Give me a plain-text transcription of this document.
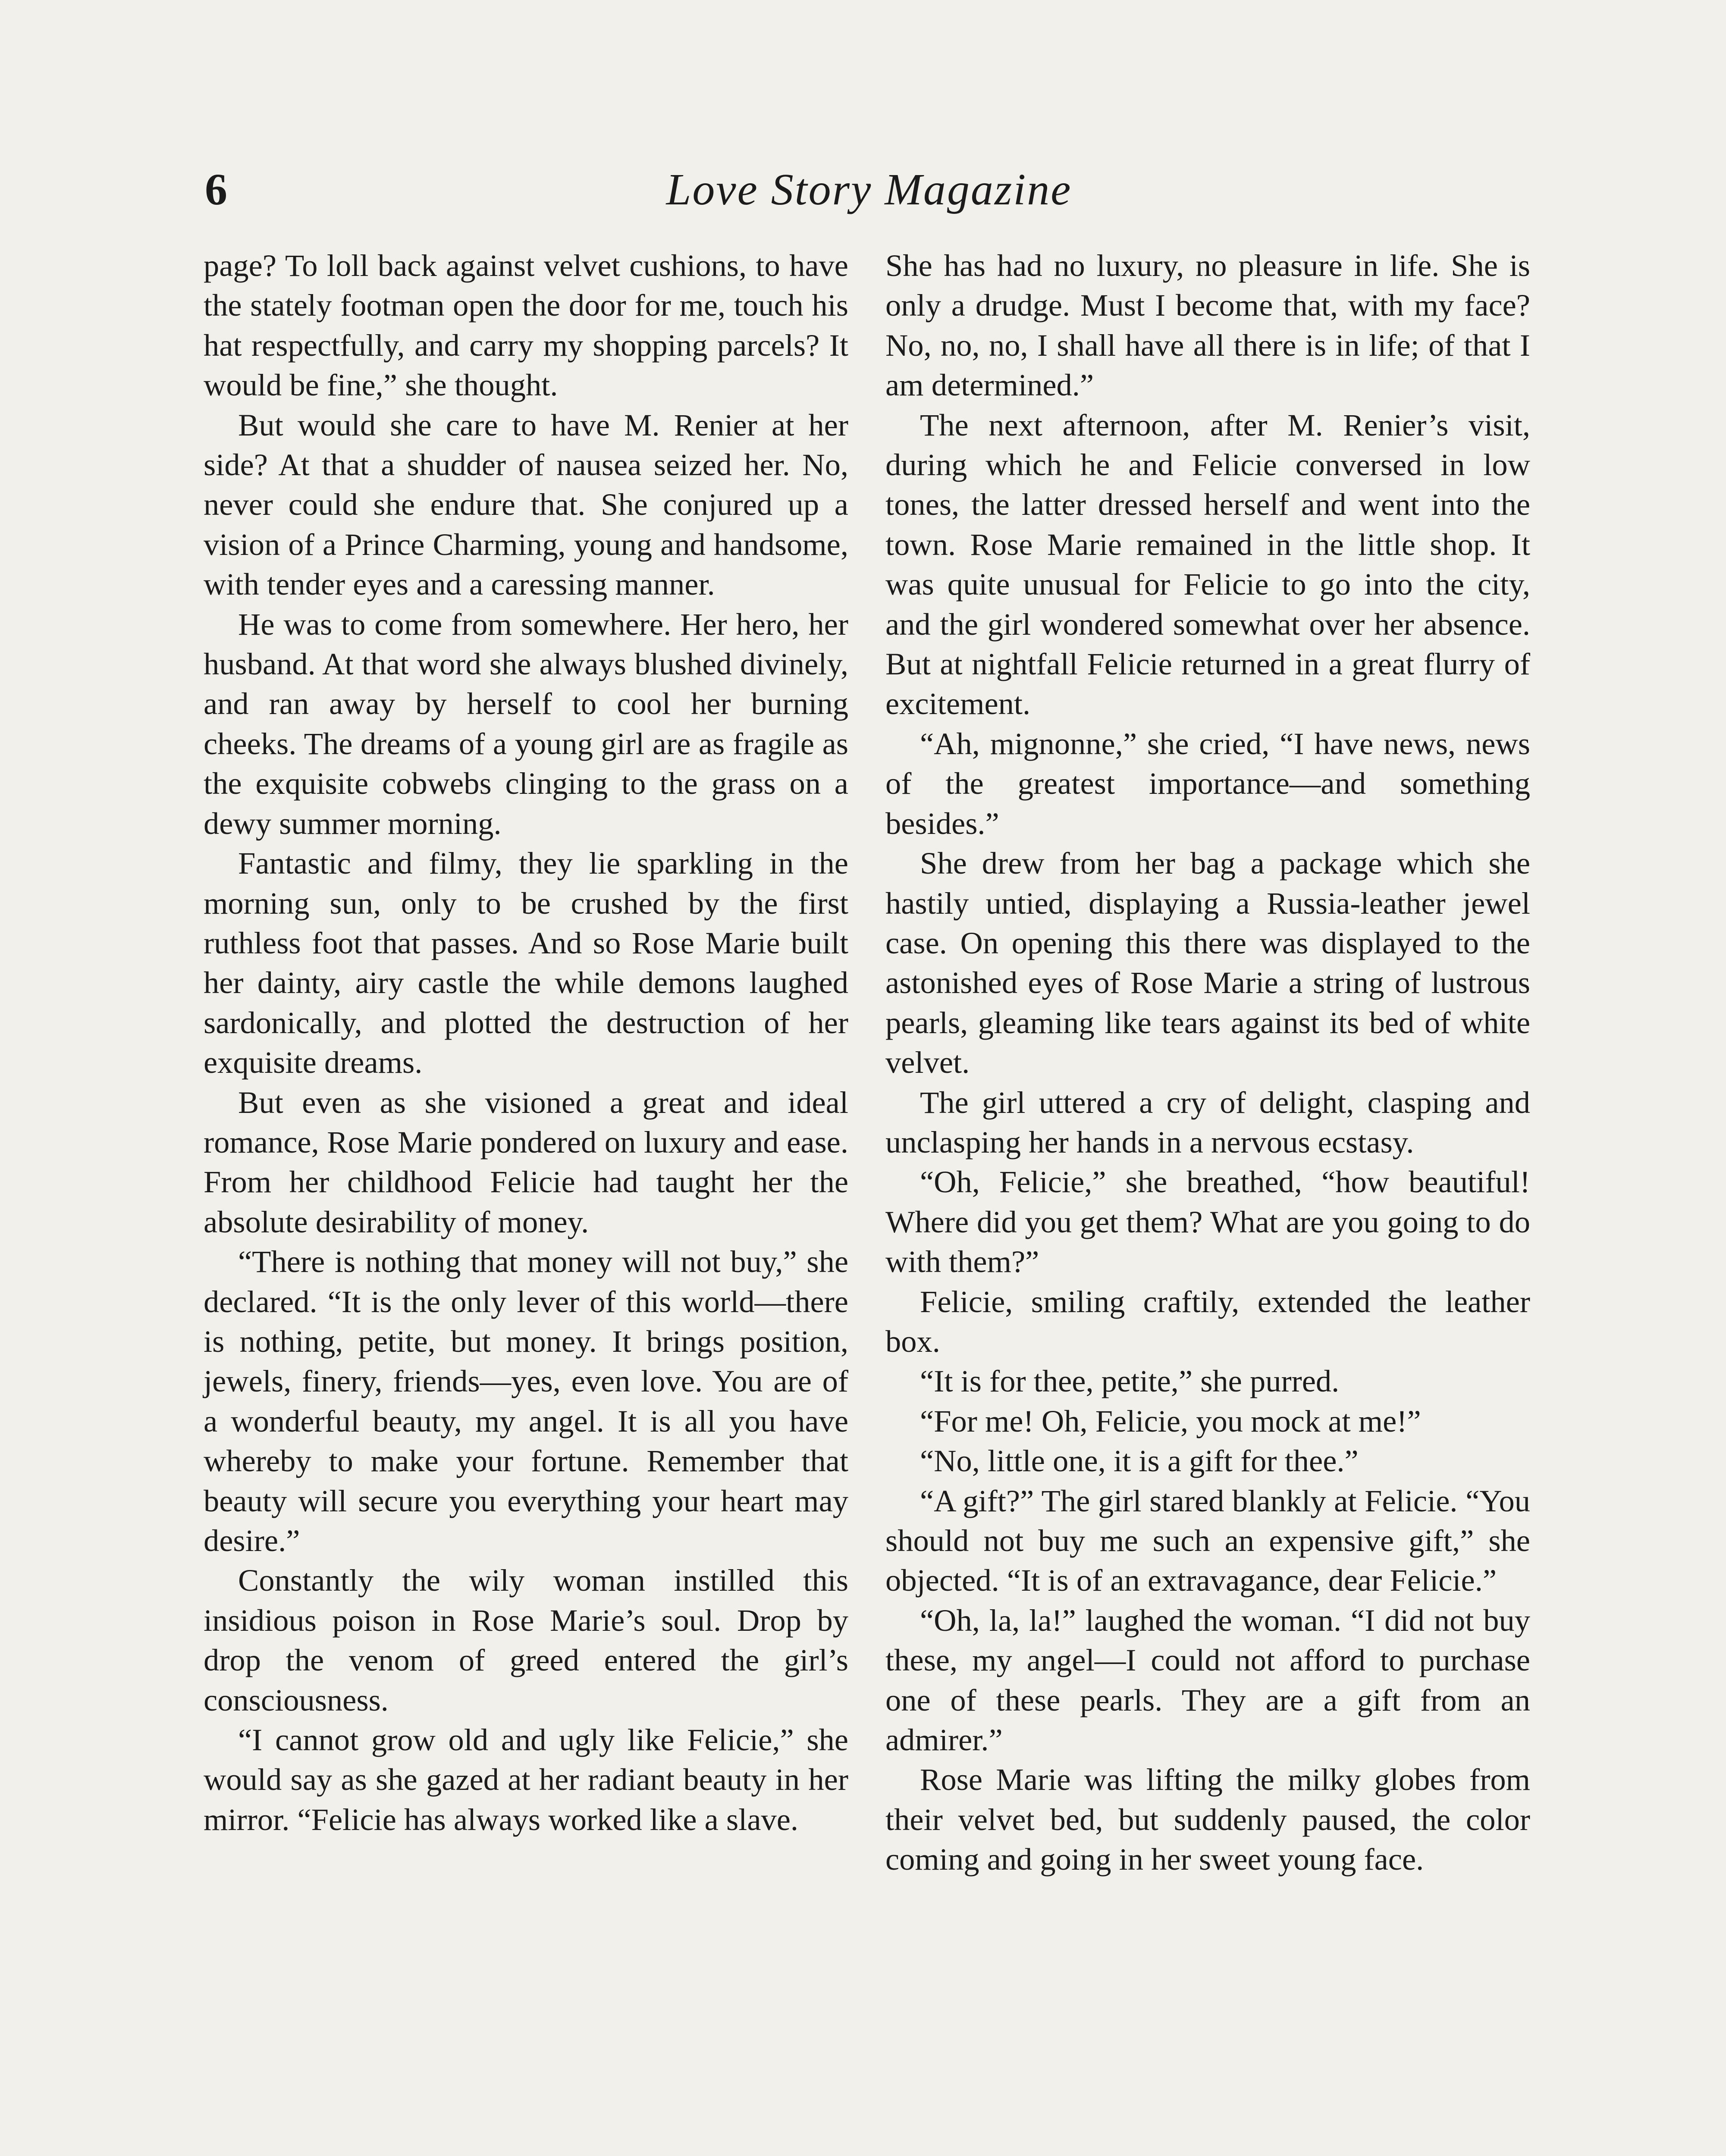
6	Love Story Magazine

page? To loll back against velvet cushions, to have the stately footman open the door for me, touch his hat respectfully, and carry my shopping parcels? It would be fine,” she thought.

But would she care to have M. Renier at her side? At that a shudder of nausea seized her. No, never could she endure that. She conjured up a vision of a Prince Charming, young and handsome, with tender eyes and a caressing manner.

He was to come from somewhere. Her hero, her husband. At that word she always blushed divinely, and ran away by herself to cool her burning cheeks. The dreams of a young girl are as fragile as the exquisite cobwebs clinging to the grass on a dewy summer morning.

Fantastic and filmy, they lie sparkling in the morning sun, only to be crushed by the first ruthless foot that passes. And so Rose Marie built her dainty, airy castle the while demons laughed sardonically, and plotted the destruction of her exquisite dreams.

But even as she visioned a great and ideal romance, Rose Marie pondered on luxury and ease. From her childhood Felicie had taught her the absolute desirability of money.

“There is nothing that money will not buy,” she declared. “It is the only lever of this world—there is nothing, petite, but money. It brings position, jewels, finery, friends—yes, even love. You are of a wonderful beauty, my angel. It is all you have whereby to make your fortune. Remember that beauty will secure you everything your heart may desire.”

Constantly the wily woman instilled this insidious poison in Rose Marie’s soul. Drop by drop the venom of greed entered the girl’s consciousness.

“I cannot grow old and ugly like Felicie,” she would say as she gazed at her radiant beauty in her mirror. “Felicie has always worked like a slave.

She has had no luxury, no pleasure in life. She is only a drudge. Must I become that, with my face? No, no, no, I shall have all there is in life; of that I am determined.”

The next afternoon, after M. Renier’s visit, during which he and Felicie conversed in low tones, the latter dressed herself and went into the town. Rose Marie remained in the little shop. It was quite unusual for Felicie to go into the city, and the girl wondered somewhat over her absence. But at nightfall Felicie returned in a great flurry of excitement.

“Ah, mignonne,” she cried, “I have news, news of the greatest importance—and something besides.”

She drew from her bag a package which she hastily untied, displaying a Russia-leather jewel case. On opening this there was displayed to the astonished eyes of Rose Marie a string of lustrous pearls, gleaming like tears against its bed of white velvet.

The girl uttered a cry of delight, clasping and unclasping her hands in a nervous ecstasy.

“Oh, Felicie,” she breathed, “how beautiful! Where did you get them? What are you going to do with them?”

Felicie, smiling craftily, extended the leather box.

“It is for thee, petite,” she purred.

“For me! Oh, Felicie, you mock at me!”

“No, little one, it is a gift for thee.”

“A gift?” The girl stared blankly at Felicie. “You should not buy me such an expensive gift,” she objected. “It is of an extravagance, dear Felicie.”

“Oh, la, la!” laughed the woman. “I did not buy these, my angel—I could not afford to purchase one of these pearls. They are a gift from an admirer.”

Rose Marie was lifting the milky globes from their velvet bed, but suddenly paused, the color coming and going in her sweet young face.
